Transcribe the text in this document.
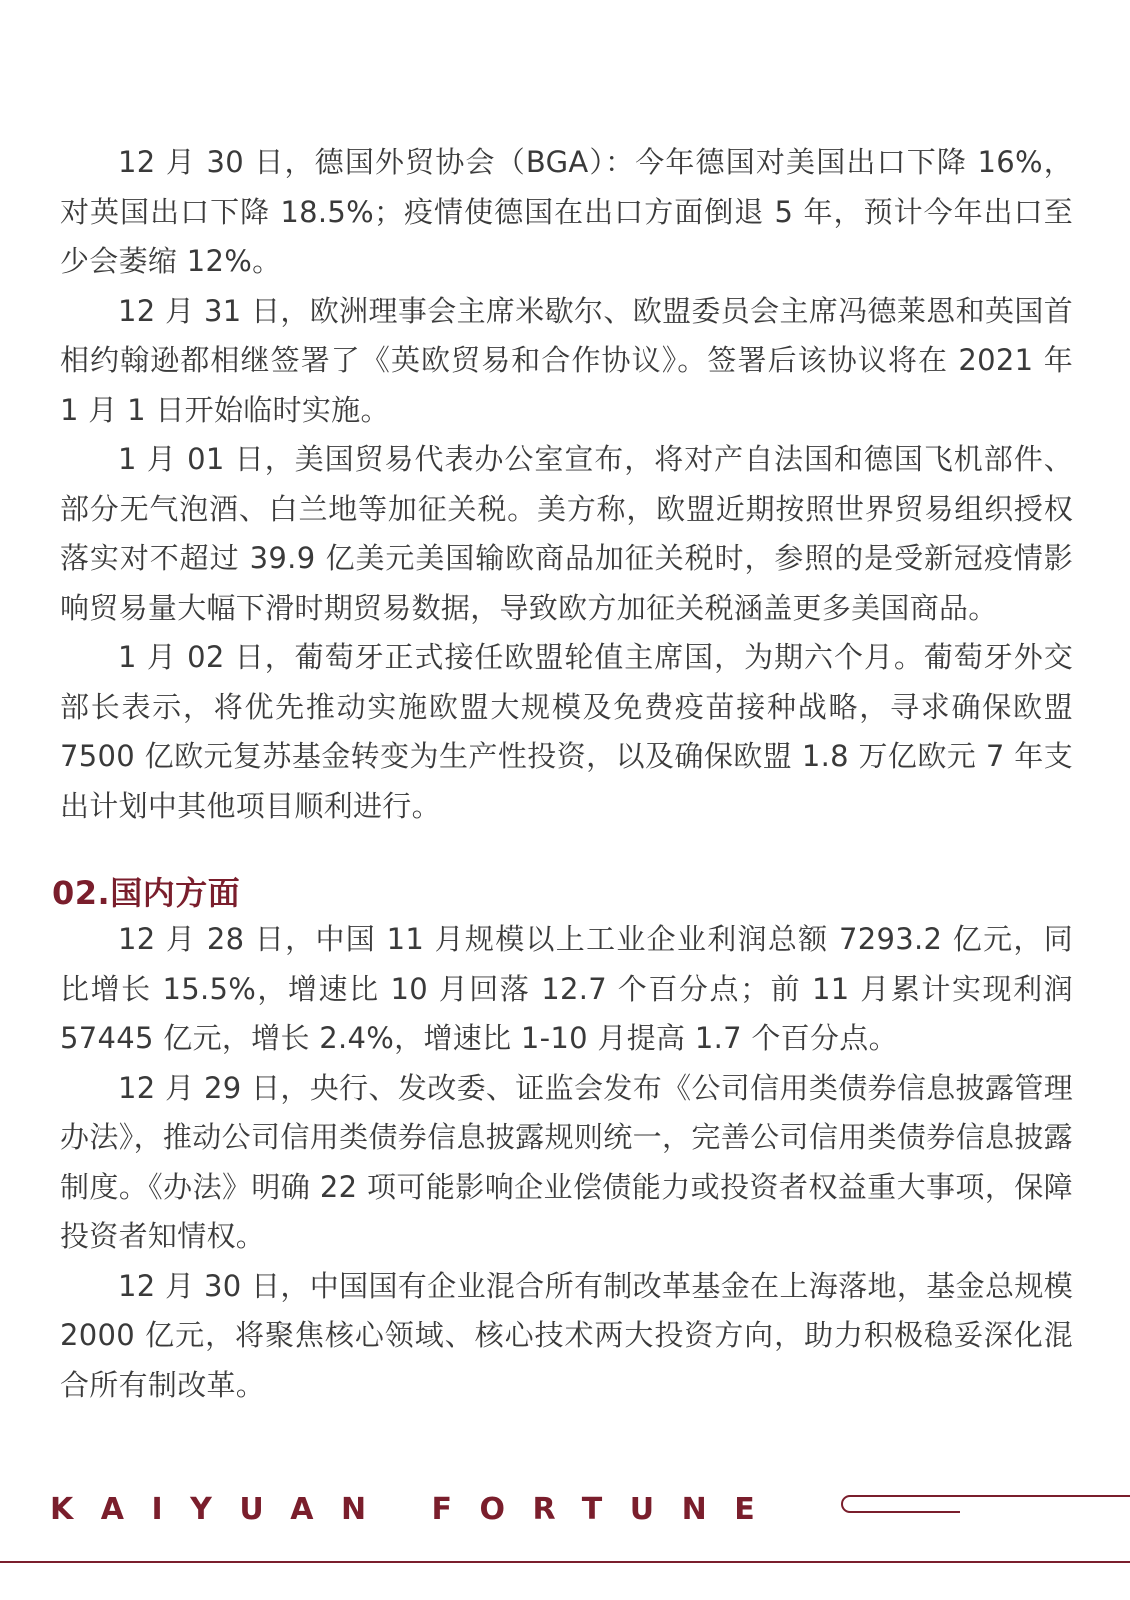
12 月 30 日，德国外贸协会（BGA）：今年德国对美国出口下降 16%，对英国出口下降 18.5%；疫情使德国在出口方面倒退 5 年，预计今年出口至少会萎缩 12%。

12 月 31 日，欧洲理事会主席米歇尔、欧盟委员会主席冯德莱恩和英国首相约翰逊都相继签署了《英欧贸易和合作协议》。签署后该协议将在 2021 年 1 月 1 日开始临时实施。

1 月 01 日，美国贸易代表办公室宣布，将对产自法国和德国飞机部件、部分无气泡酒、白兰地等加征关税。美方称，欧盟近期按照世界贸易组织授权落实对不超过 39.9 亿美元美国输欧商品加征关税时，参照的是受新冠疫情影响贸易量大幅下滑时期贸易数据，导致欧方加征关税涵盖更多美国商品。

1 月 02 日，葡萄牙正式接任欧盟轮值主席国，为期六个月。葡萄牙外交部长表示，将优先推动实施欧盟大规模及免费疫苗接种战略，寻求确保欧盟 7500 亿欧元复苏基金转变为生产性投资，以及确保欧盟 1.8 万亿欧元 7 年支出计划中其他项目顺利进行。

02.国内方面

12 月 28 日，中国 11 月规模以上工业企业利润总额 7293.2 亿元，同比增长 15.5%，增速比 10 月回落 12.7 个百分点；前 11 月累计实现利润 57445 亿元，增长 2.4%，增速比 1-10 月提高 1.7 个百分点。

12 月 29 日，央行、发改委、证监会发布《公司信用类债券信息披露管理办法》，推动公司信用类债券信息披露规则统一，完善公司信用类债券信息披露制度。《办法》明确 22 项可能影响企业偿债能力或投资者权益重大事项，保障投资者知情权。

12 月 30 日，中国国有企业混合所有制改革基金在上海落地，基金总规模 2000 亿元，将聚焦核心领域、核心技术两大投资方向，助力积极稳妥深化混合所有制改革。

KAIYUAN FORTUNE
